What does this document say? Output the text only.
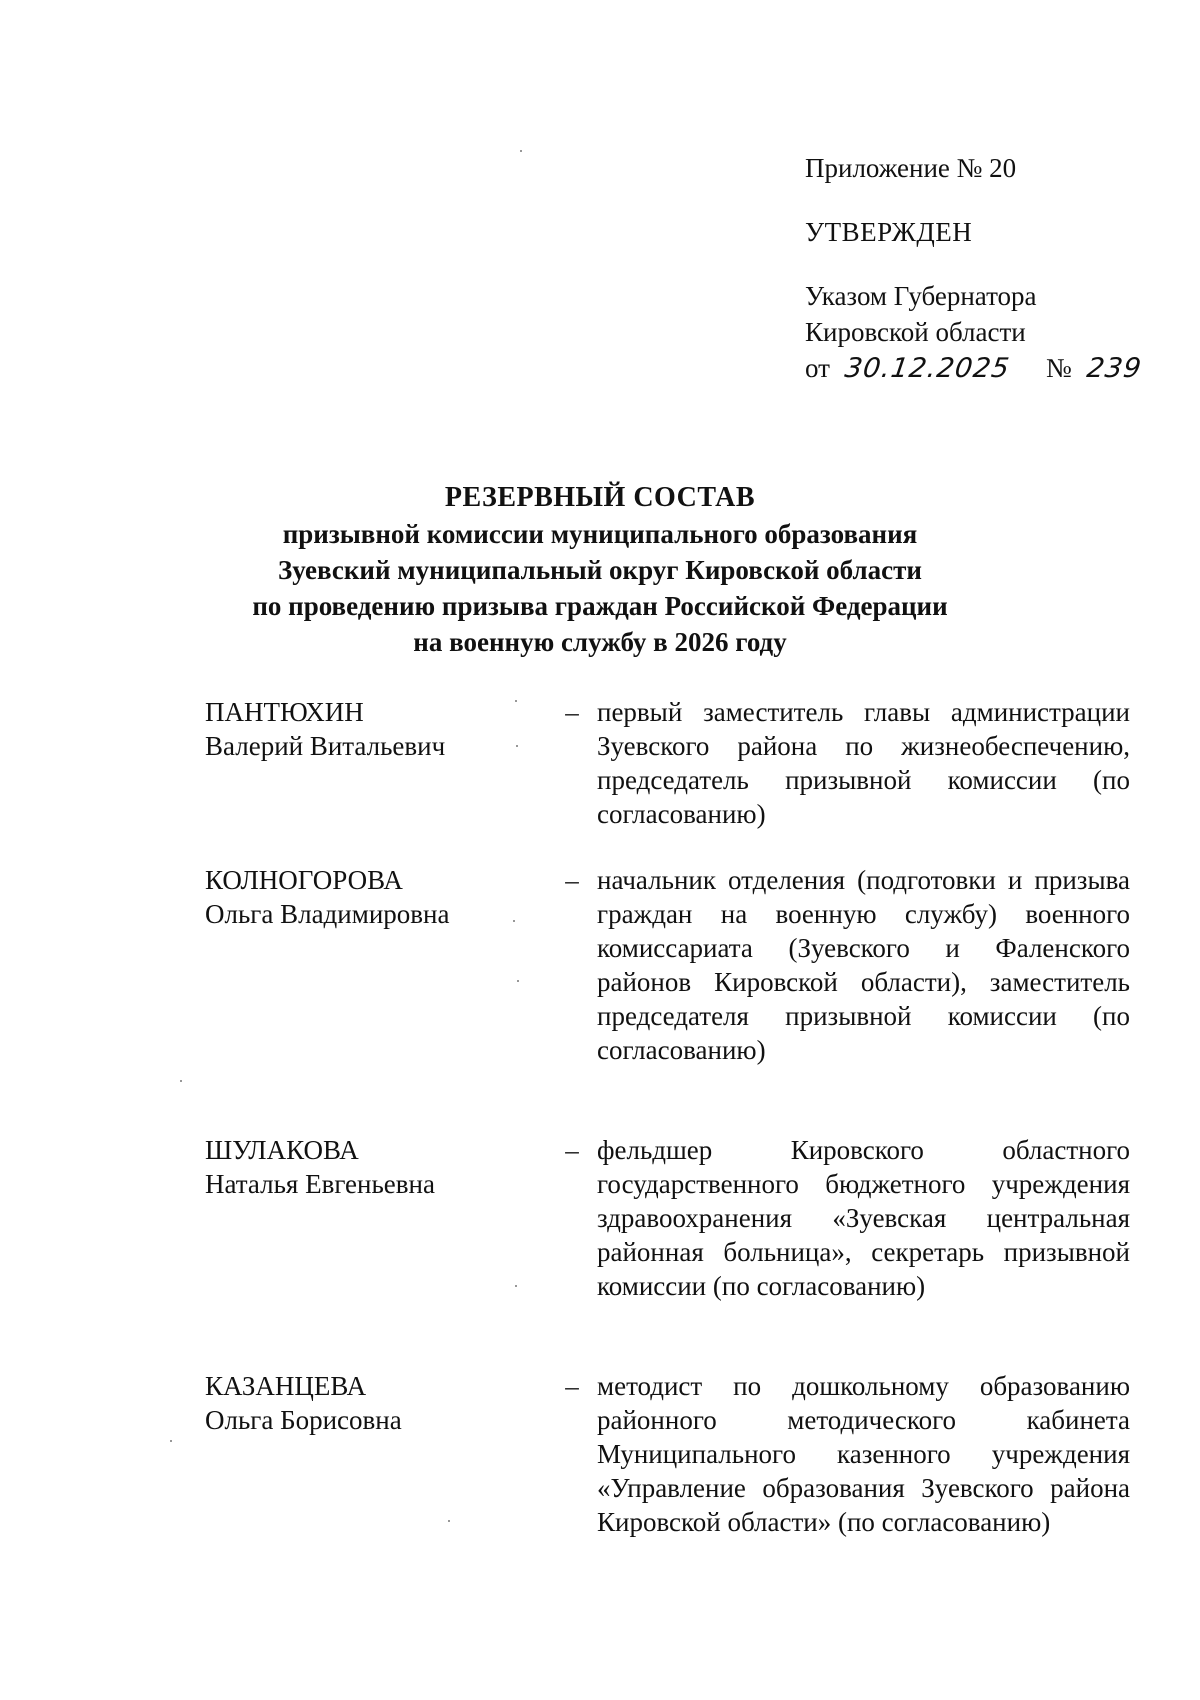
Приложение № 20

УТВЕРЖДЕН

Указом Губернатора

Кировской области

от 30.12.2025 № 239

РЕЗЕРВНЫЙ СОСТАВ
призывной комиссии муниципального образования
Зуевский муниципальный округ Кировской области
по проведению призыва граждан Российской Федерации
на военную службу в 2026 году
ПАНТЮХИН
Валерий Витальевич
– первый заместитель главы администрации Зуевского района по жизнеобеспечению, председатель призывной комиссии (по согласованию)
КОЛНОГОРОВА
Ольга Владимировна
– начальник отделения (подготовки и призыва граждан на военную службу) военного комиссариата (Зуевского и Фаленского районов Кировской области), заместитель председателя призывной комиссии (по согласованию)
ШУЛАКОВА
Наталья Евгеньевна
– фельдшер Кировского областного государственного бюджетного учреждения здравоохранения «Зуевская центральная районная больница», секретарь призывной комиссии (по согласованию)
КАЗАНЦЕВА
Ольга Борисовна
– методист по дошкольному образованию районного методического кабинета Муниципального казенного учреждения «Управление образования Зуевского района Кировской области» (по согласованию)
